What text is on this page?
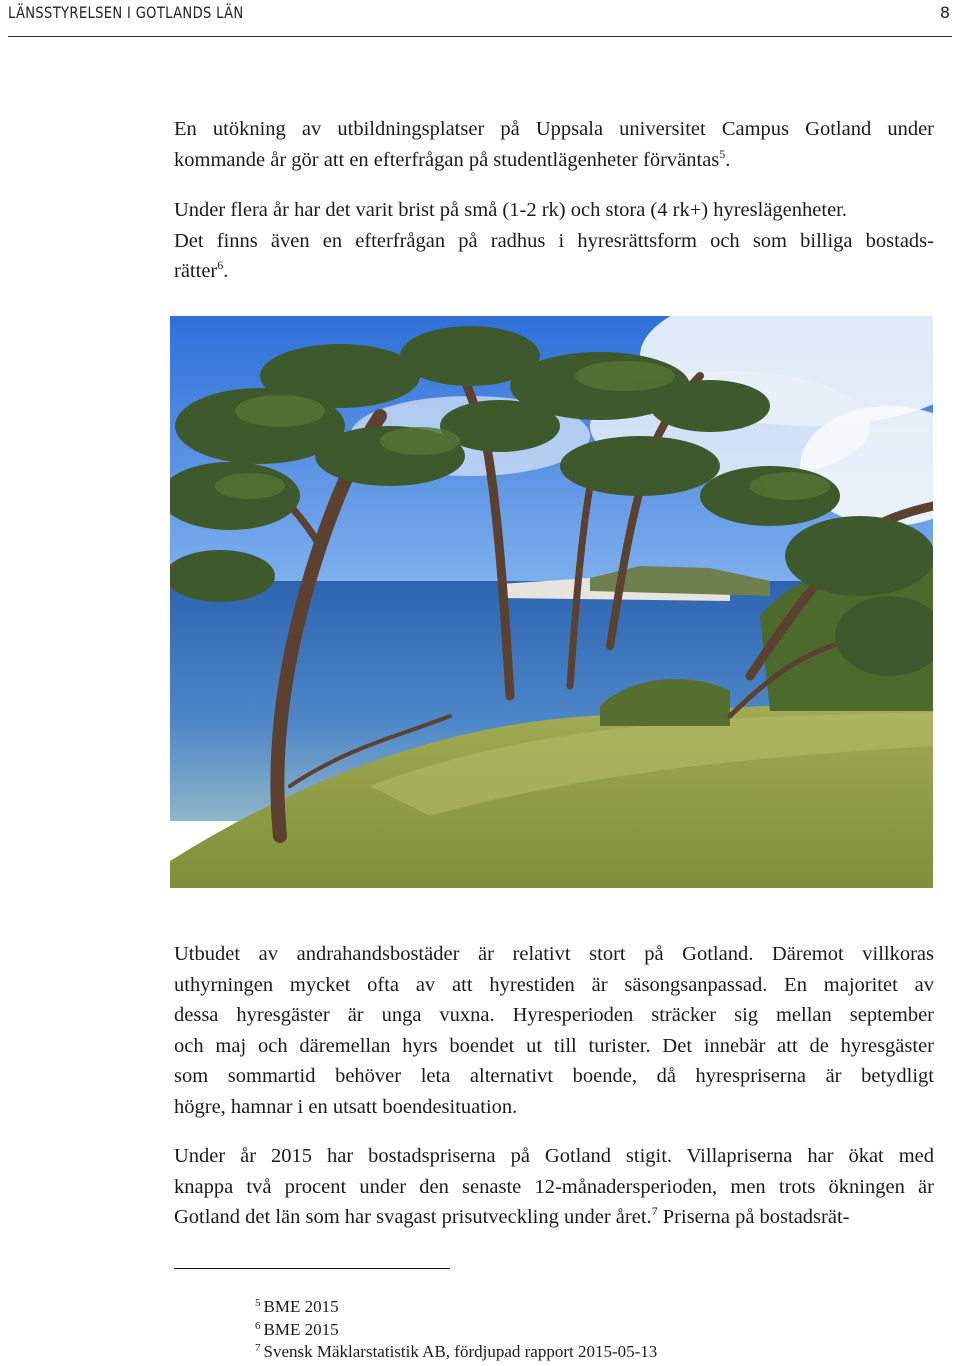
LÄNSSTYRELSEN I GOTLANDS LÄN	8

En utökning av utbildningsplatser på Uppsala universitet Campus Gotland under
kommande år gör att en efterfrågan på studentlägenheter förväntas$^5$.

Under flera år har det varit brist på små (1-2 rk) och stora (4 rk+) hyreslägenheter.
Det finns även en efterfrågan på radhus i hyresrättsform och som billiga bostads-
rätter$^6$.

Utbudet av andrahandsbostäder är relativt stort på Gotland. Däremot villkoras
uthyrningen mycket ofta av att hyrestiden är säsongsanpassad. En majoritet av
dessa hyresgäster är unga vuxna. Hyresperioden sträcker sig mellan september
och maj och däremellan hyrs boendet ut till turister. Det innebär att de hyresgäster
som sommartid behöver leta alternativt boende, då hyrespriserna är betydligt
högre, hamnar i en utsatt boendesituation.

Under år 2015 har bostadspriserna på Gotland stigit. Villapriserna har ökat med
knappa två procent under den senaste 12-månadersperioden, men trots ökningen är
Gotland det län som har svagast prisutveckling under året.$^7$ Priserna på bostadsrät-

$^5$ BME 2015
$^6$ BME 2015
$^7$ Svensk Mäklarstatistik AB, fördjupad rapport 2015-05-13
